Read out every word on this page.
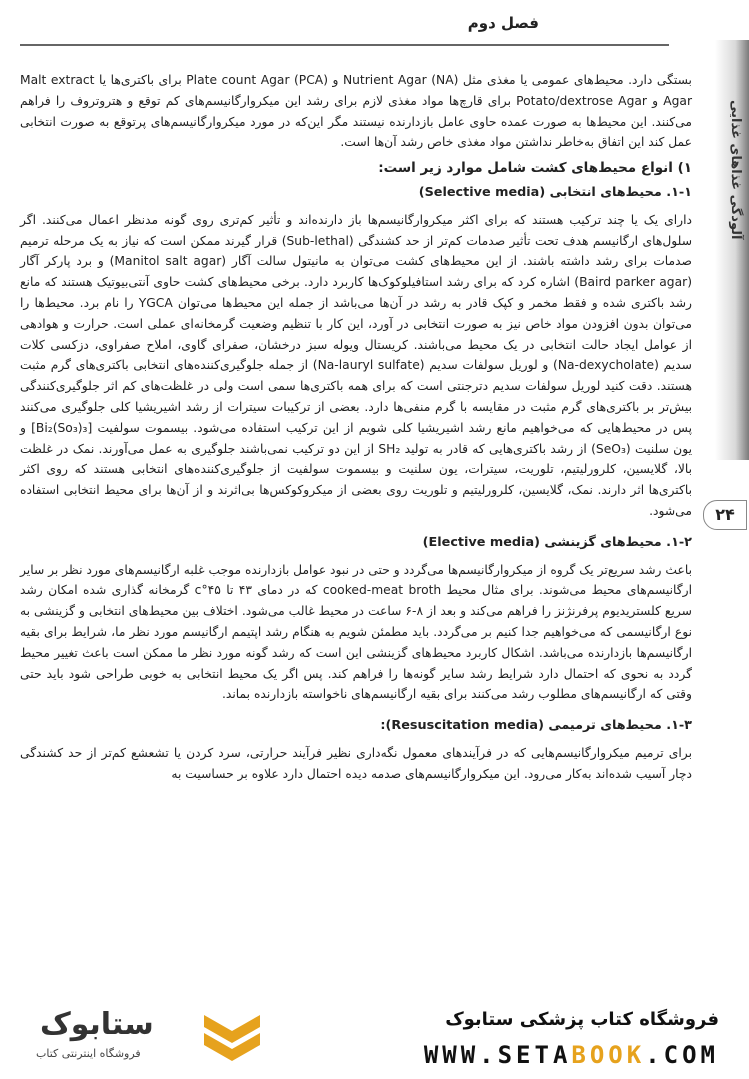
فصل دوم
آلودگی غذاهای غذایی
۲۴

بستگی دارد. محیط‌های عمومی یا مغذی مثل Nutrient Agar (NA) و Plate count Agar (PCA) برای باکتری‌ها یا Malt extract Agar و Potato/dextrose Agar برای قارچ‌ها مواد مغذی لازم برای رشد این میکروارگانیسم‌های کم توقع و هتروتروف را فراهم می‌کنند. این محیط‌ها به صورت عمده حاوی عامل بازدارنده نیستند مگر این‌که در مورد میکروارگانیسم‌های پرتوقع به صورت انتخابی عمل کند این اتفاق به‌خاطر نداشتن مواد مغذی خاص رشد آن‌ها است.

۱) انواع محیط‌های کشت شامل موارد زیر است:

۱-۱. محیط‌های انتخابی (Selective media)

دارای یک یا چند ترکیب هستند که برای اکثر میکروارگانیسم‌ها باز دارنده‌اند و تأثیر کم‌تری روی گونه مدنظر اعمال می‌کنند. اگر سلول‌های ارگانیسم هدف تحت تأثیر صدمات کم‌تر از حد کشندگی (Sub-lethal) قرار گیرند ممکن است که نیاز به یک مرحله ترمیم صدمات برای رشد داشته باشند. از این محیط‌های کشت می‌توان به مانیتول سالت آگار (Manitol salt agar) و برد پارکر آگار (Baird parker agar) اشاره کرد که برای رشد استافیلوکوک‌ها کاربرد دارد. برخی محیط‌های کشت حاوی آنتی‌بیوتیک هستند که مانع رشد باکتری شده و فقط مخمر و کپک قادر به رشد در آن‌ها می‌باشد از جمله این محیط‌ها می‌توان YGCA را نام برد. محیط‌ها را می‌توان بدون افزودن مواد خاص نیز به صورت انتخابی در آورد، این کار با تنظیم وضعیت گرمخانه‌ای عملی است. حرارت و هوادهی از عوامل ایجاد حالت انتخابی در یک محیط می‌باشند. کریستال ویوله سبز درخشان، صفرای گاوی، املاح صفراوی، دزکسی کلات سدیم (Na-dexycholate) و لوریل سولفات سدیم (Na-lauryl sulfate) از جمله جلوگیری‌کننده‌های انتخابی باکتری‌های گرم مثبت هستند. دقت کنید لوریل سولفات سدیم دترجنتی است که برای همه باکتری‌ها سمی است ولی در غلظت‌های کم اثر جلوگیری‌کنندگی بیش‌تر بر باکتری‌های گرم مثبت در مقایسه با گرم منفی‌ها دارد. بعضی از ترکیبات سیترات از رشد اشیریشیا کلی جلوگیری می‌کنند پس در محیط‌هایی که می‌خواهیم مانع رشد اشیریشیا کلی شویم از این ترکیب استفاده می‌شود. بیسموت سولفیت [Bi₂(So₃)₃] و یون سلنیت (SeO₃) از رشد باکتری‌هایی که قادر به تولید SH₂ از این دو ترکیب نمی‌باشند جلوگیری به عمل می‌آورند. نمک در غلظت بالا، گلایسین، کلرورلیتیم، تلوریت، سیترات، یون سلنیت و بیسموت سولفیت از جلوگیری‌کننده‌های انتخابی هستند که روی اکثر باکتری‌ها اثر دارند. نمک، گلایسین، کلرورلیتیم و تلوریت روی بعضی از میکروکوکس‌ها بی‌اثرند و از آن‌ها برای محیط انتخابی استفاده می‌شود.

۱-۲. محیط‌های گزینشی (Elective media)

باعث رشد سریع‌تر یک گروه از میکروارگانیسم‌ها می‌گردد و حتی در نبود عوامل بازدارنده موجب غلبه ارگانیسم‌های مورد نظر بر سایر ارگانیسم‌های محیط می‌شوند. برای مثال محیط cooked-meat broth که در دمای ۴۳ تا ۴۵°c گرمخانه گذاری شده امکان رشد سریع کلستریدیوم پرفرنژنز را فراهم می‌کند و بعد از ۸-۶ ساعت در محیط غالب می‌شود. اختلاف بین محیط‌های انتخابی و گزینشی به نوع ارگانیسمی که می‌خواهیم جدا کنیم بر می‌گردد. باید مطمئن شویم به هنگام رشد اپتیمم ارگانیسم مورد نظر ما، شرایط برای بقیه ارگانیسم‌ها بازدارنده می‌باشد. اشکال کاربرد محیط‌های گزینشی این است که رشد گونه مورد نظر ما ممکن است باعث تغییر محیط گردد به نحوی که احتمال دارد شرایط رشد سایر گونه‌ها را فراهم کند. پس اگر یک محیط انتخابی به خوبی طراحی شود باید حتی وقتی که ارگانیسم‌های مطلوب رشد می‌کنند برای بقیه ارگانیسم‌های ناخواسته بازدارنده بماند.

۱-۳. محیط‌های ترمیمی (Resuscitation media):

برای ترمیم میکروارگانیسم‌هایی که در فرآیندهای معمول نگه‌داری نظیر فرآیند حرارتی، سرد کردن یا تشعشع کم‌تر از حد کشندگی دچار آسیب شده‌اند به‌کار می‌رود. این میکروارگانیسم‌های صدمه دیده احتمال دارد علاوه بر حساسیت به

ستابوک
فروشگاه اینترنتی کتاب
فروشگاه کتاب پزشکی ستابوک
WWW.SETABOOK.COM
